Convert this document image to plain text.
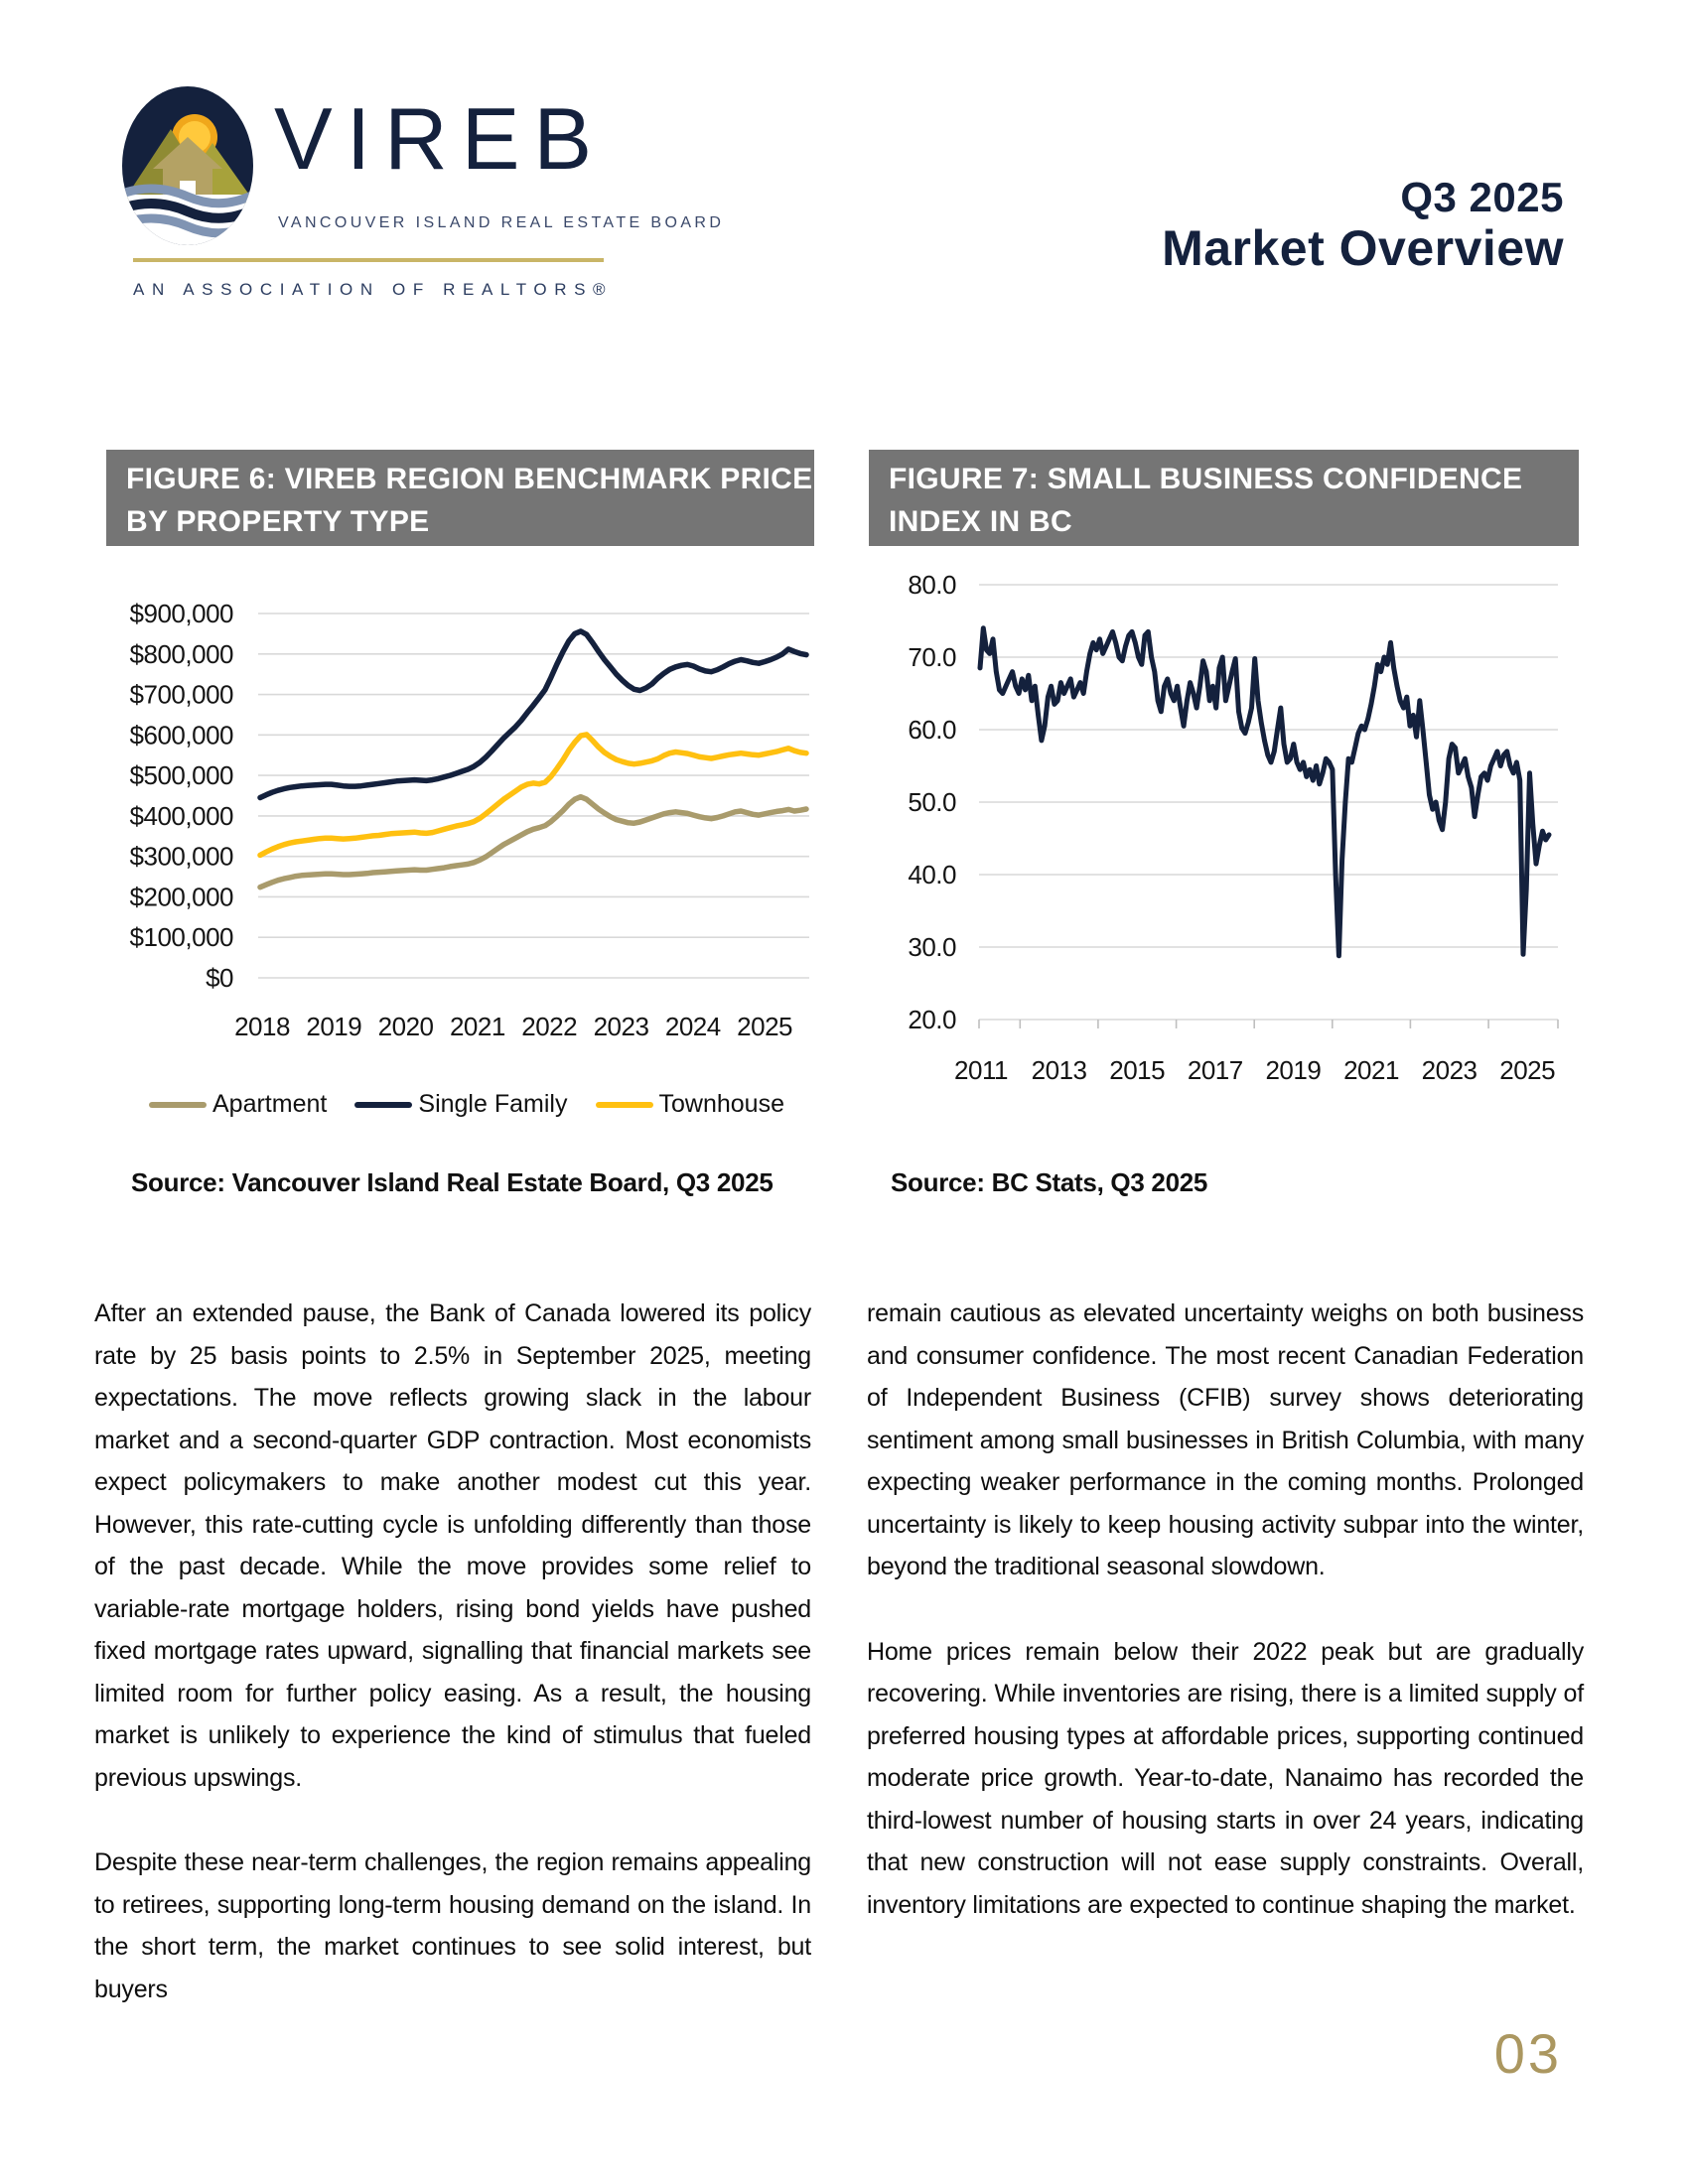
VIREB
VANCOUVER ISLAND REAL ESTATE BOARD
AN ASSOCIATION OF REALTORS®
Q3 2025
Market Overview
FIGURE 6: VIREB REGION BENCHMARK PRICE BY PROPERTY TYPE
FIGURE 7: SMALL BUSINESS CONFIDENCE INDEX IN BC
$900,000
$800,000
$700,000
$600,000
$500,000
$400,000
$300,000
$200,000
$100,000
$0
2018 2019 2020 2021 2022 2023 2024 2025
80.0
70.0
60.0
50.0
40.0
30.0
20.0
2011 2013 2015 2017 2019 2021 2023 2025
Apartment	Single Family	Townhouse
Source: Vancouver Island Real Estate Board, Q3 2025	Source: BC Stats, Q3 2025

After an extended pause, the Bank of Canada lowered its policy rate by 25 basis points to 2.5% in September 2025, meeting expectations. The move reflects growing slack in the labour market and a second-quarter GDP contraction. Most economists expect policymakers to make another modest cut this year. However, this rate-cutting cycle is unfolding differently than those of the past decade. While the move provides some relief to variable-rate mortgage holders, rising bond yields have pushed fixed mortgage rates upward, signalling that financial markets see limited room for further policy easing. As a result, the housing market is unlikely to experience the kind of stimulus that fueled previous upswings.

Despite these near-term challenges, the region remains appealing to retirees, supporting long-term housing demand on the island. In the short term, the market continues to see solid interest, but buyers

remain cautious as elevated uncertainty weighs on both business and consumer confidence. The most recent Canadian Federation of Independent Business (CFIB) survey shows deteriorating sentiment among small businesses in British Columbia, with many expecting weaker performance in the coming months. Prolonged uncertainty is likely to keep housing activity subpar into the winter, beyond the traditional seasonal slowdown.

Home prices remain below their 2022 peak but are gradually recovering. While inventories are rising, there is a limited supply of preferred housing types at affordable prices, supporting continued moderate price growth. Year-to-date, Nanaimo has recorded the third-lowest number of housing starts in over 24 years, indicating that new construction will not ease supply constraints. Overall, inventory limitations are expected to continue shaping the market.

03
